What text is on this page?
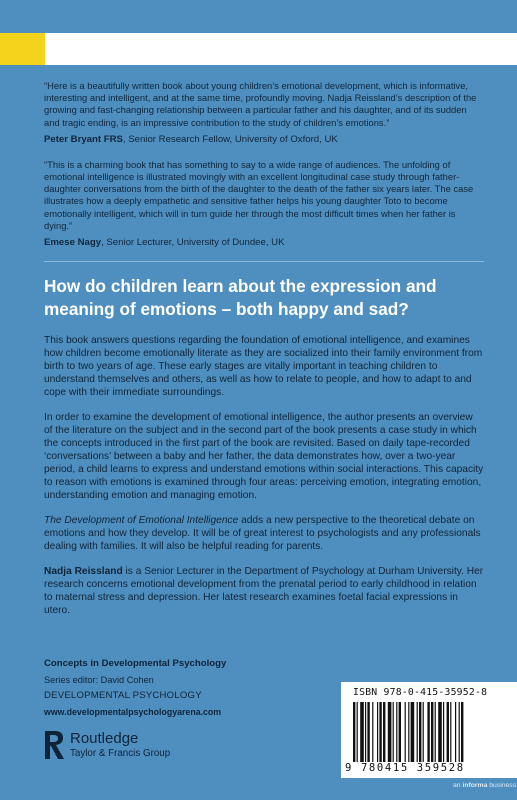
“Here is a beautifully written book about young children’s emotional development, which is informative, interesting and intelligent, and at the same time, profoundly moving. Nadja Reissland’s description of the growing and fast-changing relationship between a particular father and his daughter, and of its sudden and tragic ending, is an impressive contribution to the study of children’s emotions.”

Peter Bryant FRS, Senior Research Fellow, University of Oxford, UK

“This is a charming book that has something to say to a wide range of audiences. The unfolding of emotional intelligence is illustrated movingly with an excellent longitudinal case study through father-daughter conversations from the birth of the daughter to the death of the father six years later. The case illustrates how a deeply empathetic and sensitive father helps his young daughter Toto to become emotionally intelligent, which will in turn guide her through the most difficult times when her father is dying.”

Emese Nagy, Senior Lecturer, University of Dundee, UK

How do children learn about the expression and meaning of emotions – both happy and sad?

This book answers questions regarding the foundation of emotional intelligence, and examines how children become emotionally literate as they are socialized into their family environment from birth to two years of age. These early stages are vitally important in teaching children to understand themselves and others, as well as how to relate to people, and how to adapt to and cope with their immediate surroundings.

In order to examine the development of emotional intelligence, the author presents an overview of the literature on the subject and in the second part of the book presents a case study in which the concepts introduced in the first part of the book are revisited. Based on daily tape-recorded ‘conversations’ between a baby and her father, the data demonstrates how, over a two-year period, a child learns to express and understand emotions within social interactions. This capacity to reason with emotions is examined through four areas: perceiving emotion, integrating emotion, understanding emotion and managing emotion.

The Development of Emotional Intelligence adds a new perspective to the theoretical debate on emotions and how they develop. It will be of great interest to psychologists and any professionals dealing with families. It will also be helpful reading for parents.

Nadja Reissland is a Senior Lecturer in the Department of Psychology at Durham University. Her research concerns emotional development from the prenatal period to early childhood in relation to maternal stress and depression. Her latest research examines foetal facial expressions in utero.

Concepts in Developmental Psychology
Series editor: David Cohen
DEVELOPMENTAL PSYCHOLOGY
www.developmentalpsychologyarena.com
Routledge
Taylor & Francis Group
ISBN 978-0-415-35952-8
9 780415 359528
an informa business
